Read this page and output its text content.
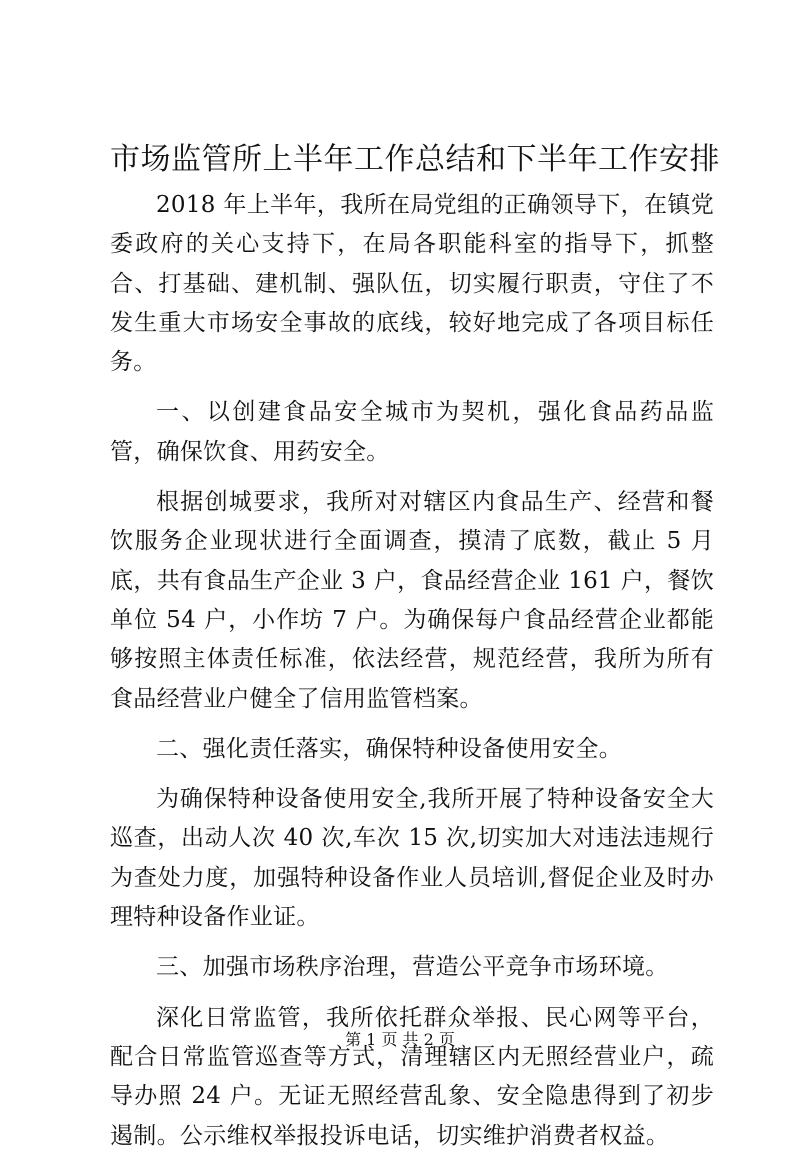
市场监管所上半年工作总结和下半年工作安排

2018 年上半年，我所在局党组的正确领导下，在镇党委政府的关心支持下，在局各职能科室的指导下，抓整合、打基础、建机制、强队伍，切实履行职责，守住了不发生重大市场安全事故的底线，较好地完成了各项目标任务。

一、以创建食品安全城市为契机，强化食品药品监管，确保饮食、用药安全。

根据创城要求，我所对对辖区内食品生产、经营和餐饮服务企业现状进行全面调查，摸清了底数，截止 5 月底，共有食品生产企业 3 户，食品经营企业 161 户，餐饮单位 54 户，小作坊 7 户。为确保每户食品经营企业都能够按照主体责任标准，依法经营，规范经营，我所为所有食品经营业户健全了信用监管档案。

二、强化责任落实，确保特种设备使用安全。

为确保特种设备使用安全,我所开展了特种设备安全大巡查，出动人次 40 次,车次 15 次,切实加大对违法违规行为查处力度，加强特种设备作业人员培训,督促企业及时办理特种设备作业证。

三、加强市场秩序治理，营造公平竞争市场环境。

深化日常监管，我所依托群众举报、民心网等平台，配合日常监管巡查等方式，清理辖区内无照经营业户，疏导办照 24 户。无证无照经营乱象、安全隐患得到了初步遏制。公示维权举报投诉电话，切实维护消费者权益。

第 1 页 共 2 页
